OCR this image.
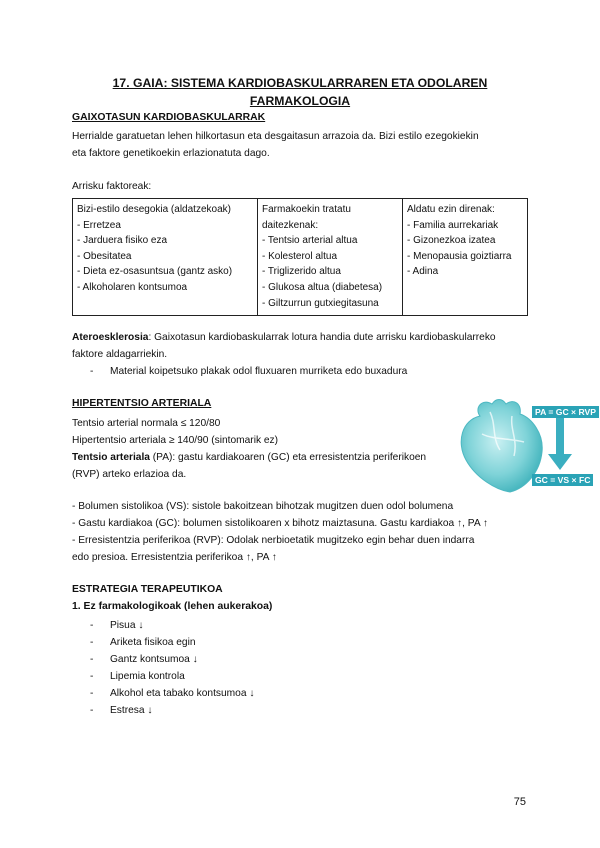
17. GAIA: SISTEMA KARDIOBASKULARRAREN ETA ODOLAREN
FARMAKOLOGIA
GAIXOTASUN KARDIOBASKULARRAK
Herrialde garatuetan lehen hilkortasun eta desgaitasun arrazoia da. Bizi estilo ezegokiekin
eta faktore genetikoekin erlazionatuta dago.
Arrisku faktoreak:
Bizi-estilo desegokia (aldatzekoak)
- Erretzea
- Jarduera fisiko eza
- Obesitatea
- Dieta ez-osasuntsua (gantz asko)
- Alkoholaren kontsumoa

Farmakoekin tratatu
daitezkenak:
- Tentsio arterial altua
- Kolesterol altua
- Triglizerido altua
- Glukosa altua (diabetesa)
- Giltzurrun gutxiegitasuna

Aldatu ezin direnak:
- Familia aurrekariak
- Gizonezkoa izatea
- Menopausia goiztiarra
- Adina
Ateroesklerosia: Gaixotasun kardiobaskularrak lotura handia dute arrisku kardiobaskularreko
faktore aldagarriekin.
- Material koipetsuko plakak odol fluxuaren murriketa edo buxadura
HIPERTENTSIO ARTERIALA
Tentsio arterial normala ≤ 120/80
Hipertentsio arteriala ≥ 140/90 (sintomarik ez)
Tentsio arteriala (PA): gastu kardiakoaren (GC) eta erresistentzia periferikoen
(RVP) arteko erlazioa da.
- Bolumen sistolikoa (VS): sistole bakoitzean bihotzak mugitzen duen odol bolumena
- Gastu kardiakoa (GC): bolumen sistolikoaren x bihotz maiztasuna. Gastu kardiakoa ↑, PA ↑
- Erresistentzia periferikoa (RVP): Odolak nerbioetatik mugitzeko egin behar duen indarra
edo presioa. Erresistentzia periferikoa ↑, PA ↑
PA = GC × RVP
GC = VS × FC
ESTRATEGIA TERAPEUTIKOA
1. Ez farmakologikoak (lehen aukerakoa)
- Pisua ↓
- Ariketa fisikoa egin
- Gantz kontsumoa ↓
- Lipemia kontrola
- Alkohol eta tabako kontsumoa ↓
- Estresa ↓
75
